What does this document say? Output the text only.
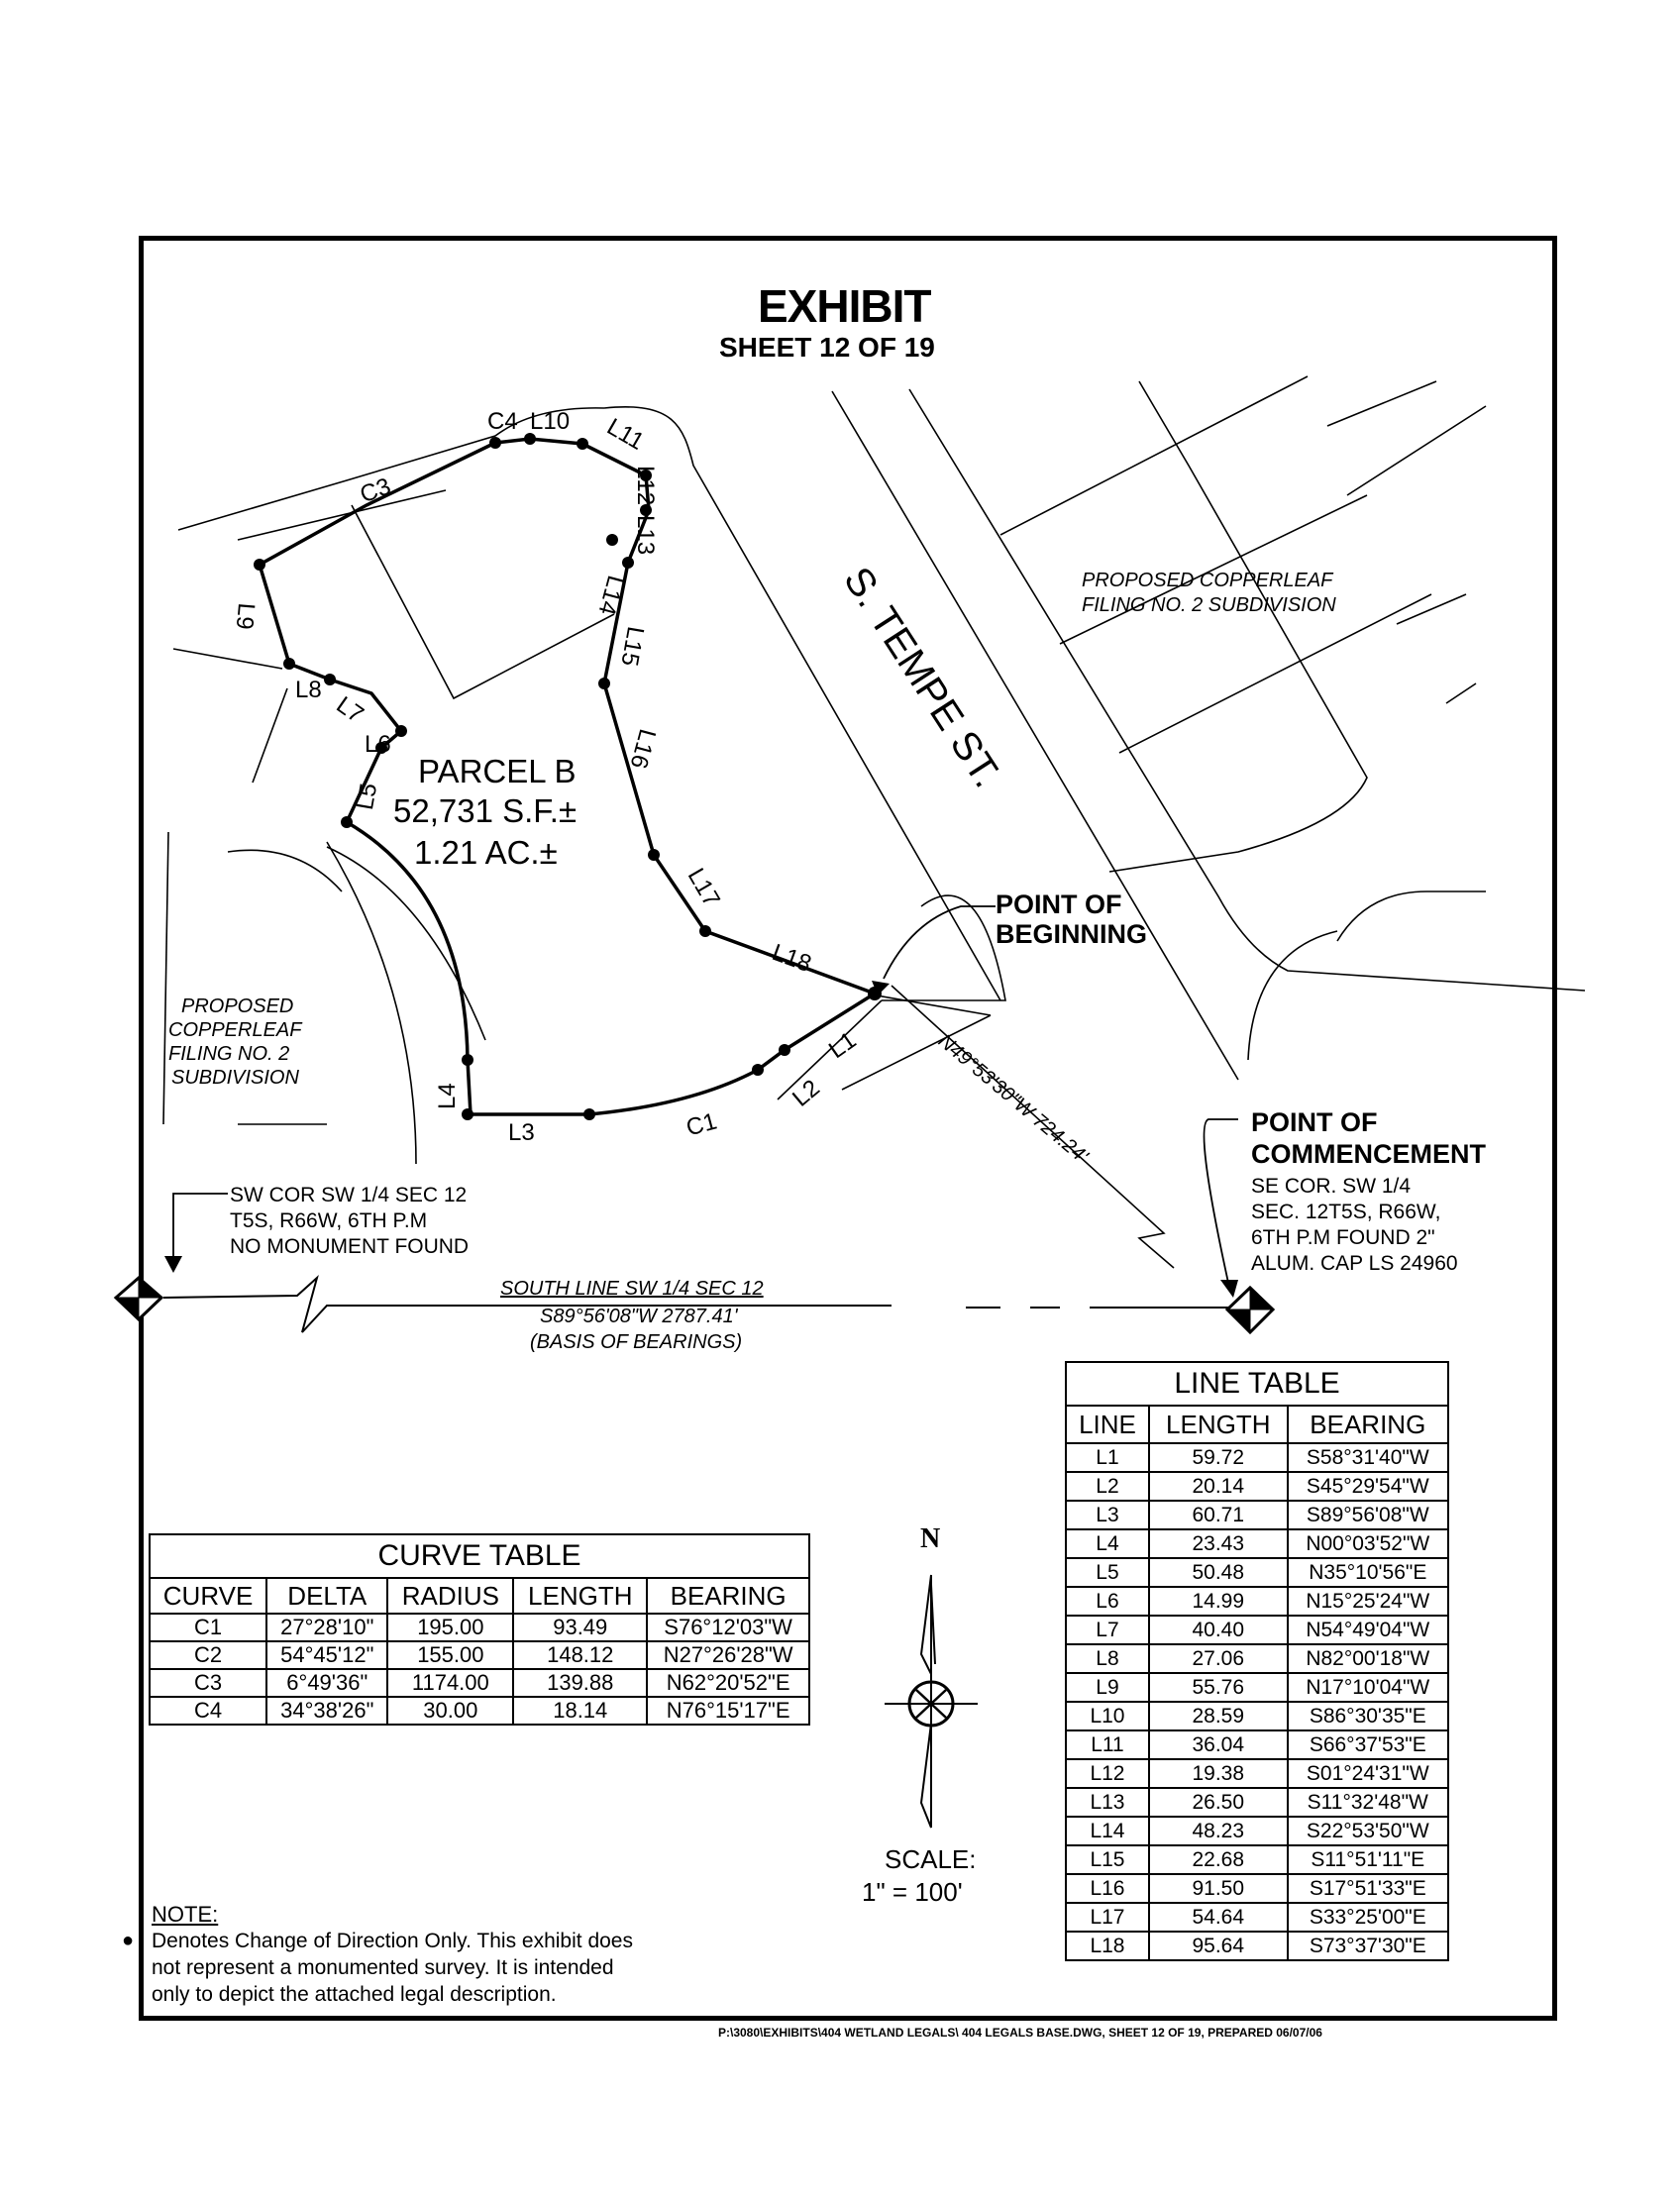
EXHIBIT
SHEET 12 OF 19
S. TEMPE ST.	PROPOSED COPPERLEAF
FILING NO. 2 SUBDIVISION
PROPOSED
COPPERLEAF
FILING NO. 2
SUBDIVISION
PARCEL B
52,731 S.F.±
1.21 AC.±
POINT OF
BEGINNING
POINT OF
COMMENCEMENT
SE COR. SW 1/4
SEC. 12T5S, R66W,
6TH P.M FOUND 2"
ALUM. CAP LS 24960
SW COR SW 1/4 SEC 12
T5S, R66W, 6TH P.M
NO MONUMENT FOUND
SOUTH LINE SW 1/4 SEC 12
S89°56'08"W 2787.41'
(BASIS OF BEARINGS)
N49°53'30"W 724.24'
C4 L10 L11
L12
L13
L14
L15
L16
L17
L18
L1
L2
C1
L3
L4
L5
L6
L7
L8
L9
C3
N
SCALE:
1" = 100'
CURVE TABLE
CURVE	DELTA	RADIUS	LENGTH	BEARING
C1	27°28'10"	195.00	93.49	S76°12'03"W
C2	54°45'12"	155.00	148.12	N27°26'28"W
C3	6°49'36"	1174.00	139.88	N62°20'52"E
C4	34°38'26"	30.00	18.14	N76°15'17"E
LINE TABLE
LINE	LENGTH	BEARING
L1	59.72	S58°31'40"W
L2	20.14	S45°29'54"W
L3	60.71	S89°56'08"W
L4	23.43	N00°03'52"W
L5	50.48	N35°10'56"E
L6	14.99	N15°25'24"W
L7	40.40	N54°49'04"W
L8	27.06	N82°00'18"W
L9	55.76	N17°10'04"W
L10	28.59	S86°30'35"E
L11	36.04	S66°37'53"E
L12	19.38	S01°24'31"W
L13	26.50	S11°32'48"W
L14	48.23	S22°53'50"W
L15	22.68	S11°51'11"E
L16	91.50	S17°51'33"E
L17	54.64	S33°25'00"E
L18	95.64	S73°37'30"E
NOTE:
● Denotes Change of Direction Only. This exhibit does
not represent a monumented survey. It is intended
only to depict the attached legal description.
P:\3080\EXHIBITS\404 WETLAND LEGALS\ 404 LEGALS BASE.DWG, SHEET 12 OF 19, PREPARED 06/07/06
